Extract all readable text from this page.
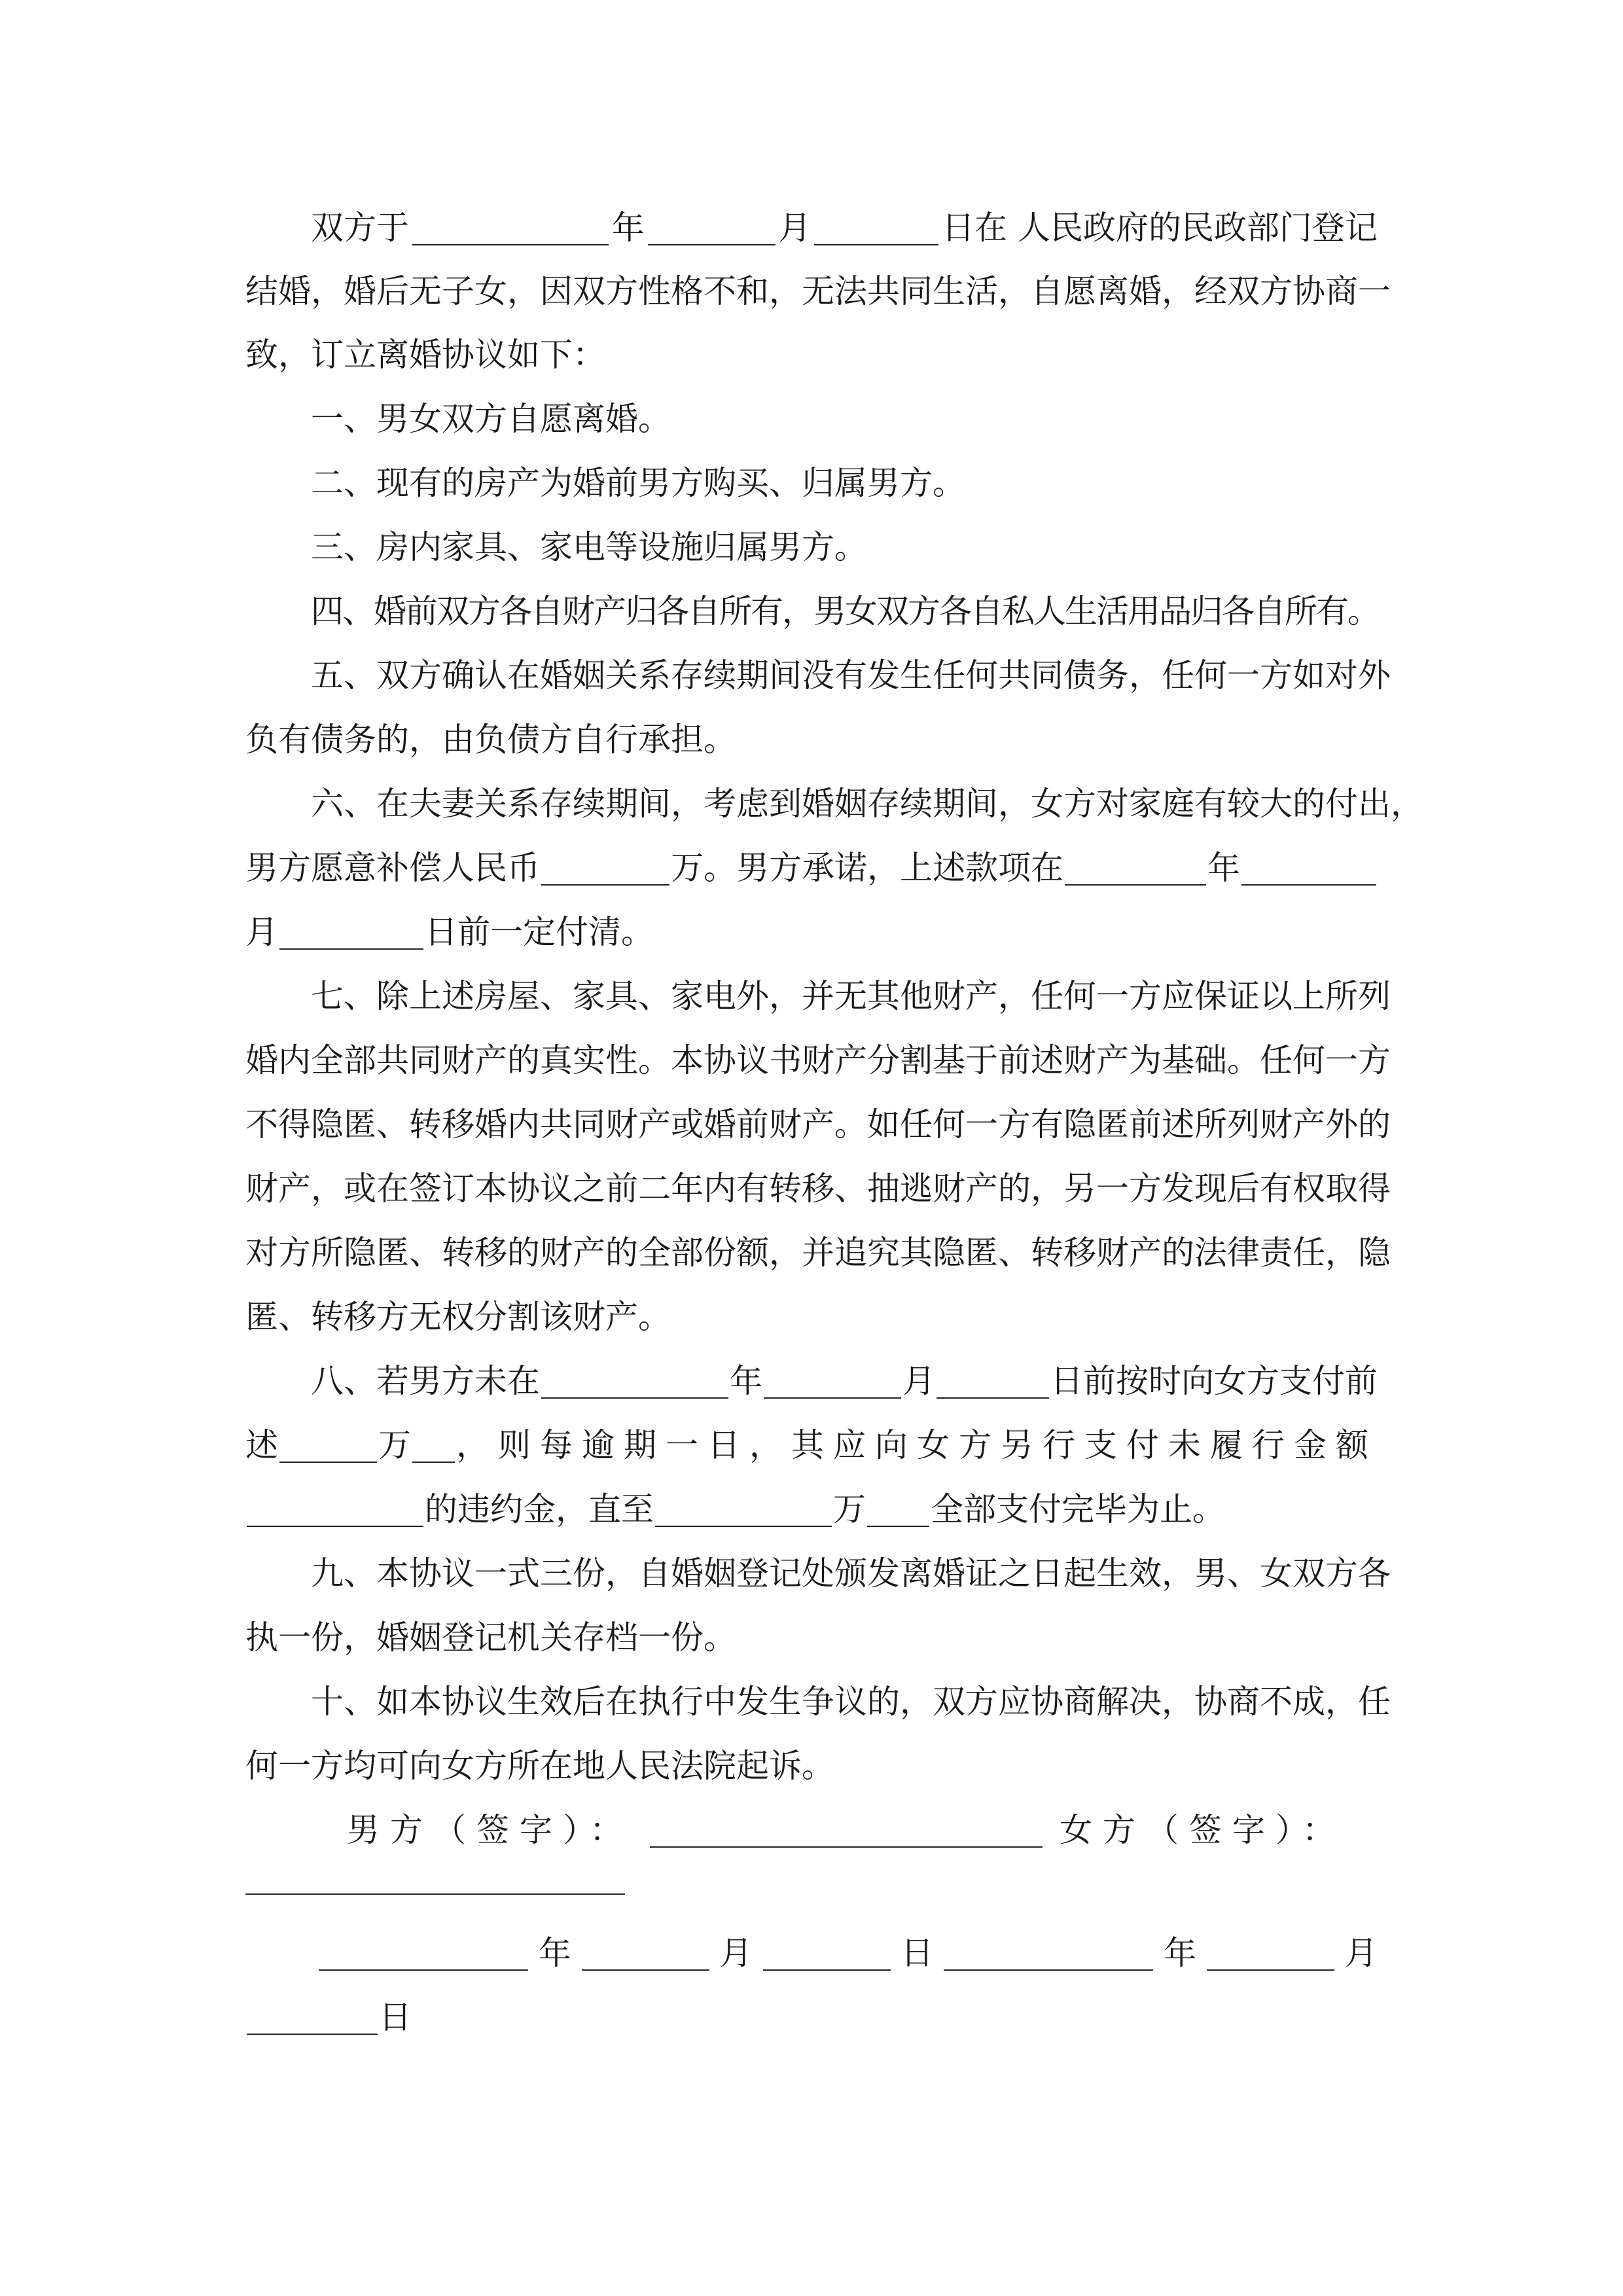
双方于	年	月	日在 人民政府的民政部门登记
结婚，婚后无子女，因双方性格不和，无法共同生活，自愿离婚，经双方协商一
致，订立离婚协议如下：
一、男女双方自愿离婚。
二、现有的房产为婚前男方购买、归属男方。
三、房内家具、家电等设施归属男方。
四、婚前双方各自财产归各自所有，男女双方各自私人生活用品归各自所有。
五、双方确认在婚姻关系存续期间没有发生任何共同债务，任何一方如对外
负有债务的，由负债方自行承担。
六、在夫妻关系存续期间，考虑到婚姻存续期间，女方对家庭有较大的付出，
男方愿意补偿人民币	万。男方承诺，上述款项在	年
月	日前一定付清。
七、除上述房屋、家具、家电外，并无其他财产，任何一方应保证以上所列
婚内全部共同财产的真实性。本协议书财产分割基于前述财产为基础。任何一方
不得隐匿、转移婚内共同财产或婚前财产。如任何一方有隐匿前述所列财产外的
财产，或在签订本协议之前二年内有转移、抽逃财产的，另一方发现后有权取得
对方所隐匿、转移的财产的全部份额，并追究其隐匿、转移财产的法律责任，隐
匿、转移方无权分割该财产。
八、若男方未在	年	月	日前按时向女方支付前
述	万 ，则每逾期一日，其应向女方另行支付未履行金额
的违约金，直至	万 全部支付完毕为止。
九、本协议一式三份，自婚姻登记处颁发离婚证之日起生效，男、女双方各
执一份，婚姻登记机关存档一份。
十、如本协议生效后在执行中发生争议的，双方应协商解决，协商不成，任
何一方均可向女方所在地人民法院起诉。
男方（签字）：	女方（签字）：
年	月	日	年	月
日
